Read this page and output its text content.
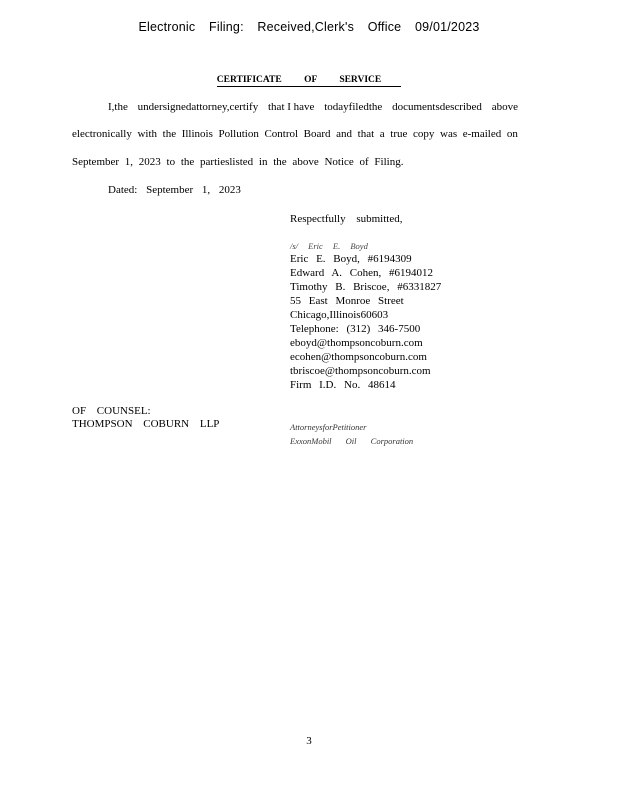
Electronic Filing: Received,Clerk's Office 09/01/2023
CERTIFICATE OF SERVICE
I,the undersignedattorney,certify that I have todayfiledthe documentsdescribed above
electronically with the Illinois Pollution Control Board and that a true copy was e-mailed on
September 1, 2023 to the partieslisted in the above Notice of Filing.
Dated: September 1, 2023
Respectfully submitted,
/s/ Eric E. Boyd
Eric E. Boyd, #6194309
Edward A. Cohen, #6194012
Timothy B. Briscoe, #6331827
55 East Monroe Street
Chicago,Illinois60603
Telephone: (312) 346-7500
eboyd@thompsoncoburn.com
ecohen@thompsoncoburn.com
tbriscoe@thompsoncoburn.com
Firm I.D. No. 48614
OF COUNSEL:
THOMPSON COBURN LLP	AttorneysforPetitioner
ExxonMobil Oil Corporation
3
